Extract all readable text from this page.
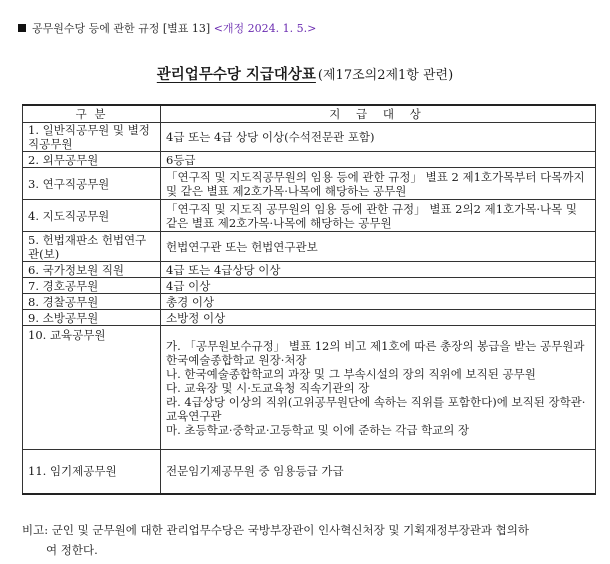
공무원수당 등에 관한 규정 [별표 13] <개정 2024. 1. 5.>
관리업무수당 지급대상표 (제17조의2제1항 관련)
구 분	지 급 대 상
1. 일반직공무원 및 별정직공무원	4급 또는 4급 상당 이상(수석전문관 포함)
2. 외무공무원	6등급
3. 연구직공무원	「연구직 및 지도직공무원의 임용 등에 관한 규정」 별표 2 제1호가목부터 다목까지 및 같은 별표 제2호가목·나목에 해당하는 공무원
4. 지도직공무원	「연구직 및 지도직 공무원의 임용 등에 관한 규정」 별표 2의2 제1호가목·나목 및 같은 별표 제2호가목·나목에 해당하는 공무원
5. 헌법재판소 헌법연구관(보)	헌법연구관 또는 헌법연구관보
6. 국가정보원 직원	4급 또는 4급상당 이상
7. 경호공무원	4급 이상
8. 경찰공무원	총경 이상
9. 소방공무원	소방정 이상
10. 교육공무원	가. 「공무원보수규정」 별표 12의 비고 제1호에 따른 총장의 봉급을 받는 공무원과 한국예술종합학교 원장·처장
나. 한국예술종합학교의 과장 및 그 부속시설의 장의 직위에 보직된 공무원
다. 교육장 및 시·도교육청 직속기관의 장
라. 4급상당 이상의 직위(고위공무원단에 속하는 직위를 포함한다)에 보직된 장학관·교육연구관
마. 초등학교·중학교·고등학교 및 이에 준하는 각급 학교의 장

11. 임기제공무원	전문임기제공무원 중 임용등급 가급
비고: 군인 및 군무원에 대한 관리업무수당은 국방부장관이 인사혁신처장 및 기획재정부장관과 협의하
여 정한다.
